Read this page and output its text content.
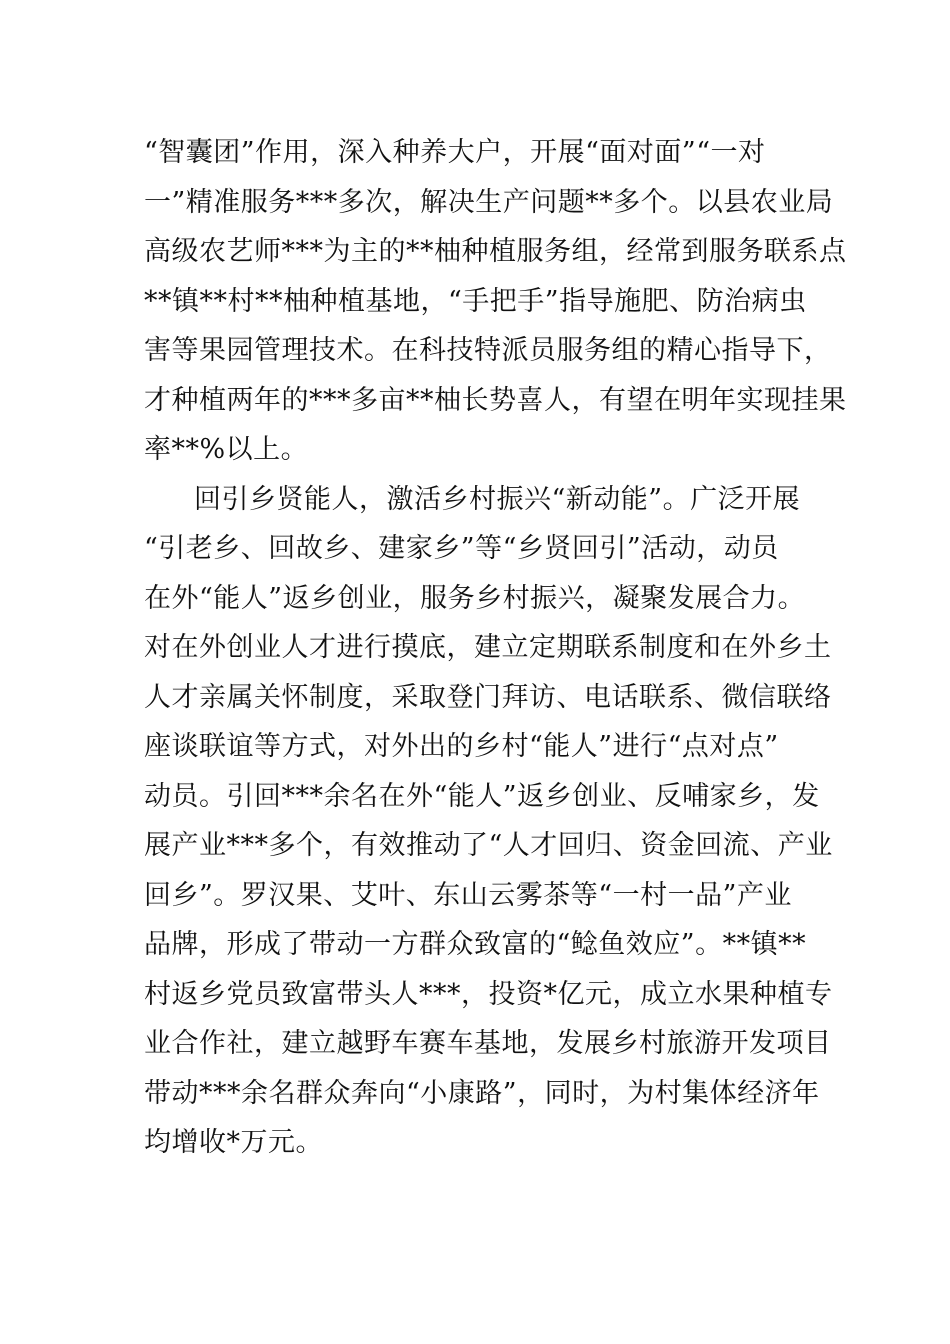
“智囊团”作用，深入种养大户，开展“面对面”“一对
一”精准服务***多次，解决生产问题**多个。以县农业局
高级农艺师***为主的**柚种植服务组，经常到服务联系点
**镇**村**柚种植基地，“手把手”指导施肥、防治病虫
害等果园管理技术。在科技特派员服务组的精心指导下，
才种植两年的***多亩**柚长势喜人，有望在明年实现挂果
率**%以上。
回引乡贤能人，激活乡村振兴“新动能”。广泛开展
“引老乡、回故乡、建家乡”等“乡贤回引”活动，动员
在外“能人”返乡创业，服务乡村振兴，凝聚发展合力。
对在外创业人才进行摸底，建立定期联系制度和在外乡土
人才亲属关怀制度，采取登门拜访、电话联系、微信联络
座谈联谊等方式，对外出的乡村“能人”进行“点对点”
动员。引回***余名在外“能人”返乡创业、反哺家乡，发
展产业***多个，有效推动了“人才回归、资金回流、产业
回乡”。罗汉果、艾叶、东山云雾茶等“一村一品”产业
品牌，形成了带动一方群众致富的“鲶鱼效应”。**镇**
村返乡党员致富带头人***，投资*亿元，成立水果种植专
业合作社，建立越野车赛车基地，发展乡村旅游开发项目
带动***余名群众奔向“小康路”，同时，为村集体经济年
均增收*万元。
